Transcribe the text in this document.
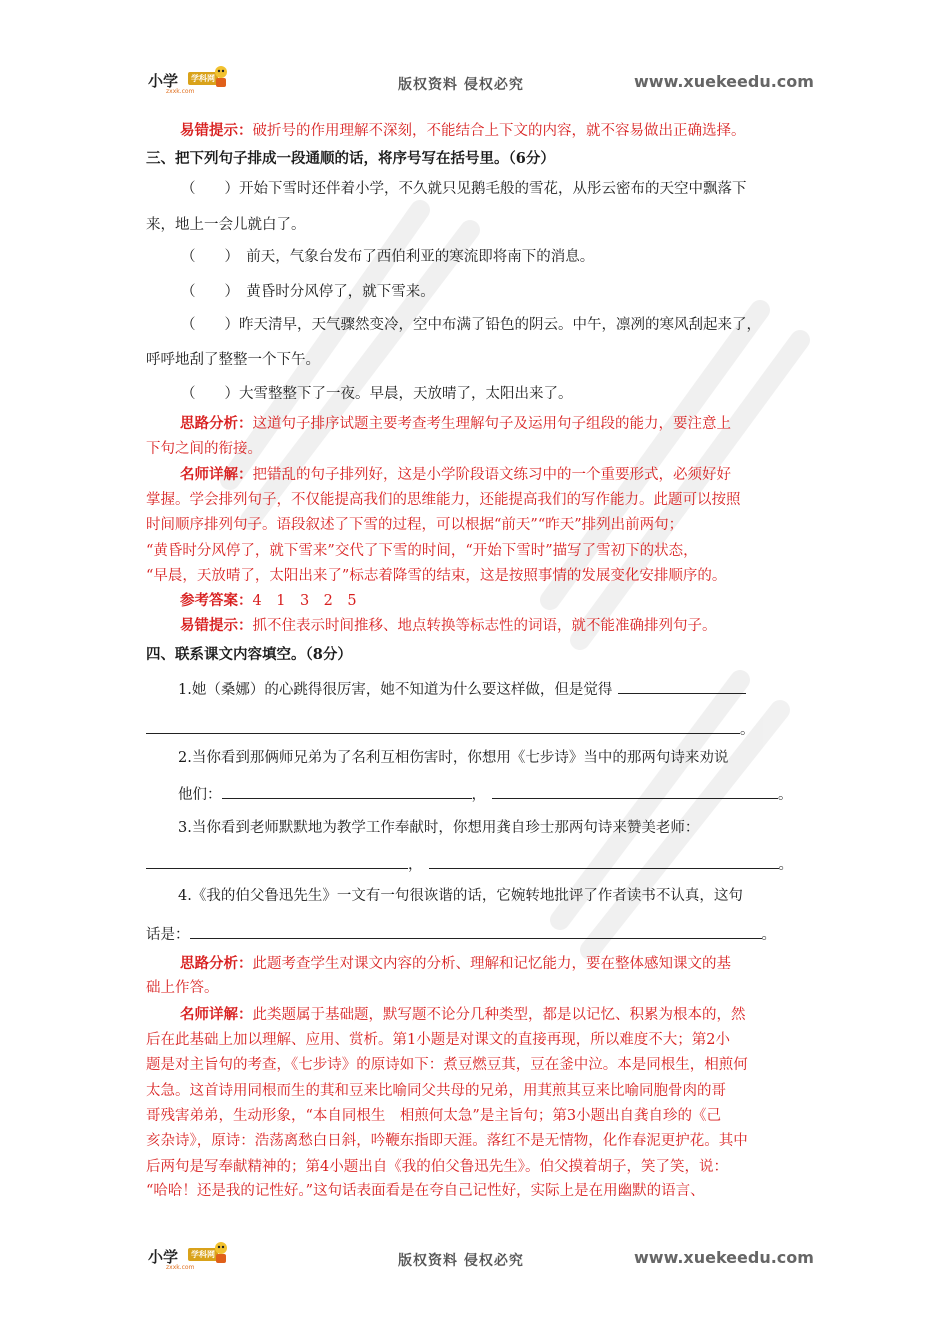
小学	学科网
zxxk.com	版权资料 侵权必究	www.xuekeedu.com
易错提示：破折号的作用理解不深刻，不能结合上下文的内容，就不容易做出正确选择。
三、把下列句子排成一段通顺的话，将序号写在括号里。（6分）
（　　）开始下雪时还伴着小学，不久就只见鹅毛般的雪花，从彤云密布的天空中飘落下
来，地上一会儿就白了。
（　　）　前天，气象台发布了西伯利亚的寒流即将南下的消息。
（　　）　黄昏时分风停了，就下雪来。
（　　）昨天清早，天气骤然变冷，空中布满了铅色的阴云。中午，凛冽的寒风刮起来了，
呼呼地刮了整整一个下午。
（　　）大雪整整下了一夜。早晨，天放晴了，太阳出来了。
思路分析：这道句子排序试题主要考查考生理解句子及运用句子组段的能力，要注意上
下句之间的衔接。
名师详解：把错乱的句子排列好，这是小学阶段语文练习中的一个重要形式，必须好好
掌握。学会排列句子，不仅能提高我们的思维能力，还能提高我们的写作能力。此题可以按照
时间顺序排列句子。语段叙述了下雪的过程，可以根据“前天”“昨天”排列出前两句；
“黄昏时分风停了，就下雪来”交代了下雪的时间，“开始下雪时”描写了雪初下的状态，
“早晨，天放晴了，太阳出来了”标志着降雪的结束，这是按照事情的发展变化安排顺序的。
参考答案：4　1　3　2　5
易错提示：抓不住表示时间推移、地点转换等标志性的词语，就不能准确排列句子。
四、联系课文内容填空。（8分）
1.她（桑娜）的心跳得很厉害，她不知道为什么要这样做，但是觉得
。
2.当你看到那俩师兄弟为了名利互相伤害时，你想用《七步诗》当中的那两句诗来劝说
他们：	，	。
3.当你看到老师默默地为教学工作奉献时，你想用龚自珍士那两句诗来赞美老师：
，	。
4.《我的伯父鲁迅先生》一文有一句很诙谐的话，它婉转地批评了作者读书不认真，这句
话是：	。
思路分析：此题考查学生对课文内容的分析、理解和记忆能力，要在整体感知课文的基
础上作答。
名师详解：此类题属于基础题，默写题不论分几种类型，都是以记忆、积累为根本的，然
后在此基础上加以理解、应用、赏析。第1小题是对课文的直接再现，所以难度不大；第2小
题是对主旨句的考查，《七步诗》的原诗如下：煮豆燃豆萁，豆在釜中泣。本是同根生，相煎何
太急。这首诗用同根而生的萁和豆来比喻同父共母的兄弟，用萁煎其豆来比喻同胞骨肉的哥
哥残害弟弟，生动形象，“本自同根生　相煎何太急”是主旨句；第3小题出自龚自珍的《己
亥杂诗》，原诗：浩荡离愁白日斜，吟鞭东指即天涯。落红不是无情物，化作春泥更护花。其中
后两句是写奉献精神的；第4小题出自《我的伯父鲁迅先生》。伯父摸着胡子，笑了笑，说：
“哈哈！还是我的记性好。”这句话表面看是在夸自己记性好，实际上是在用幽默的语言、
小学	学科网
zxxk.com	版权资料 侵权必究	www.xuekeedu.com
